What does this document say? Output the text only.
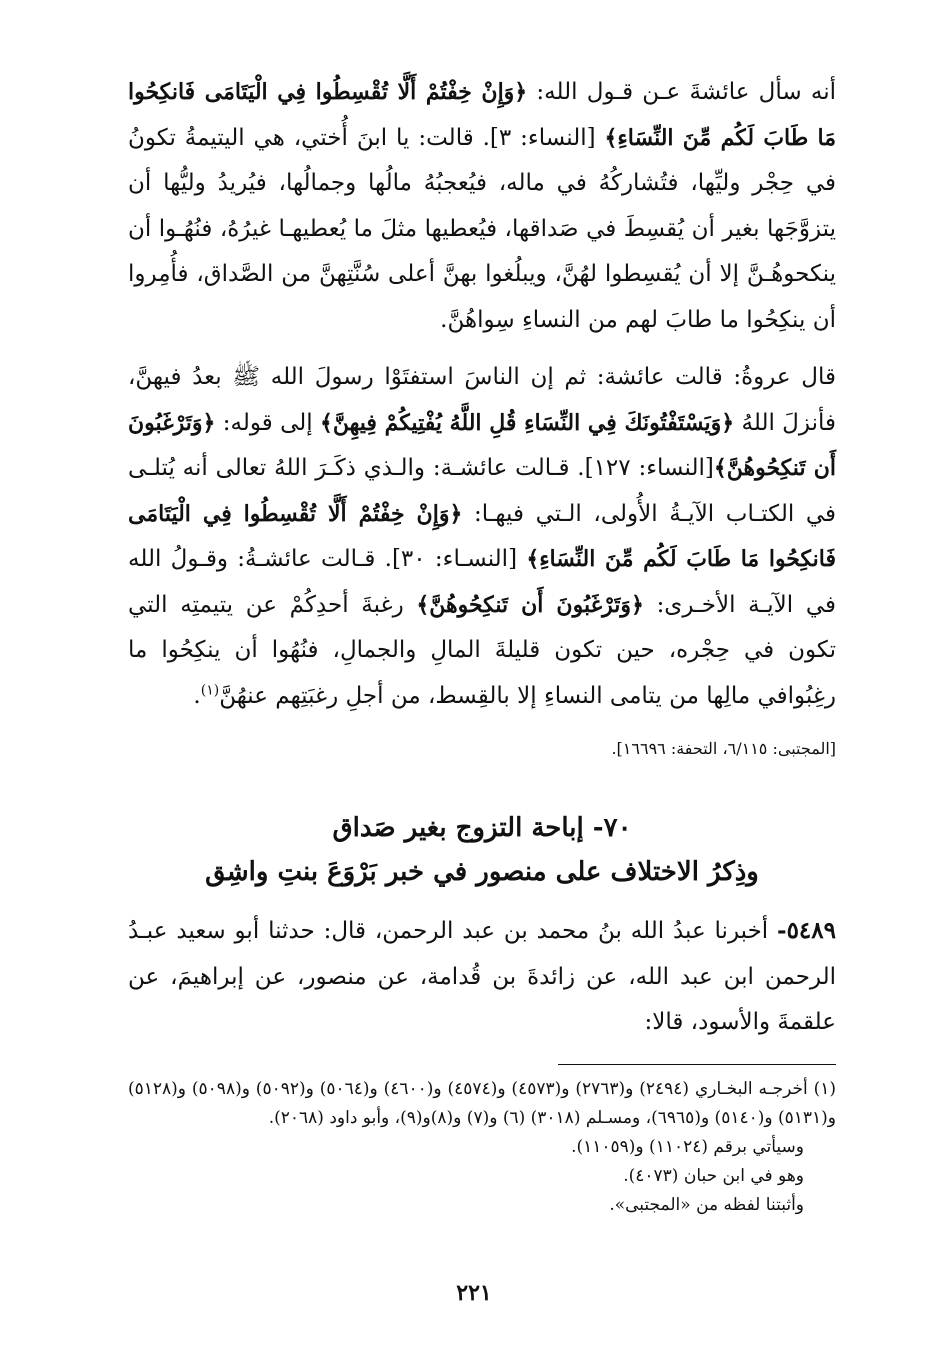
أنه سأل عائشةَ عـن قـول الله: ﴿وَإِنْ خِفْتُمْ أَلَّا تُقْسِطُوا فِي الْيَتَامَى فَانكِحُوا مَا طَابَ لَكُم مِّنَ النِّسَاءِ﴾ [النساء: ٣]. قالت: يا ابنَ أُختي، هي اليتيمةُ تكونُ في حِجْر وليِّها، فتُشاركُهُ في ماله، فيُعجبُهُ مالُها وجمالُها، فيُريدُ وليُّها أن يتزوَّجَها بغير أن يُقسِطَ في صَداقها، فيُعطيها مثلَ ما يُعطيهـا غيرُهُ، فنُهُـوا أن ينكحوهُـنَّ إلا أن يُقسِطوا لهُنَّ، ويبلُغوا بهنَّ أعلى سُنَّتِهنَّ من الصَّداق، فأُمِروا أن ينكِحُوا ما طابَ لهم من النساءِ سِواهُنَّ.

قال عروةُ: قالت عائشة: ثم إن الناسَ استفتَوْا رسولَ الله ﷺ بعدُ فيهنَّ، فأنزلَ اللهُ ﴿وَيَسْتَفْتُونَكَ فِي النِّسَاءِ قُلِ اللَّهُ يُفْتِيكُمْ فِيهِنَّ﴾ إلى قوله: ﴿وَتَرْغَبُونَ أَن تَنكِحُوهُنَّ﴾[النساء: ١٢٧]. قـالت عائشـة: والـذي ذكَـرَ اللهُ تعالى أنه يُتلـى في الكتـاب الآيـةُ الأُولى، الـتي فيهـا: ﴿وَإِنْ خِفْتُمْ أَلَّا تُقْسِطُوا فِي الْيَتَامَى فَانكِحُوا مَا طَابَ لَكُم مِّنَ النِّسَاءِ﴾ [النسـاء: ٣٠]. قـالت عائشـةُ: وقـولُ الله في الآيـة الأخـرى: ﴿وَتَرْغَبُونَ أَن تَنكِحُوهُنَّ﴾ رغبةَ أحدِكُمْ عن يتيمتِه التي تكون في حِجْره، حين تكون قليلةَ المالِ والجمالِ، فنُهُوا أن ينكِحُوا ما رغِبُوافي مالِها من يتامى النساءِ إلا بالقِسط، من أجلِ رغبَتِهم عنهُنَّ$^{(١)}$.

[المجتبى: ٦/١١٥، التحفة: ١٦٦٩٦].
٧٠- إباحة التزوج بغير صَداق
وذِكرُ الاختلاف على منصور في خبر بَرْوَعَ بنتِ واشِق

٥٤٨٩- أخبرنا عبدُ الله بنُ محمد بن عبد الرحمن، قال: حدثنا أبو سعيد عبـدُ الرحمن ابن عبد الله، عن زائدةَ بن قُدامة، عن منصور، عن إبراهيمَ، عن علقمةَ والأسود، قالا:

(١) أخرجـه البخـاري (٢٤٩٤) و(٢٧٦٣) و(٤٥٧٣) و(٤٥٧٤) و(٤٦٠٠) و(٥٠٦٤) و(٥٠٩٢) و(٥٠٩٨) و(٥١٢٨) و(٥١٣١) و(٥١٤٠) و(٦٩٦٥)، ومسـلم (٣٠١٨) (٦) و(٧) و(٨)و(٩)، وأبو داود (٢٠٦٨).

وسيأتي برقم (١١٠٢٤) و(١١٠٥٩).

وهو في ابن حبان (٤٠٧٣).

وأثبتنا لفظه من «المجتبى».

٢٢١
